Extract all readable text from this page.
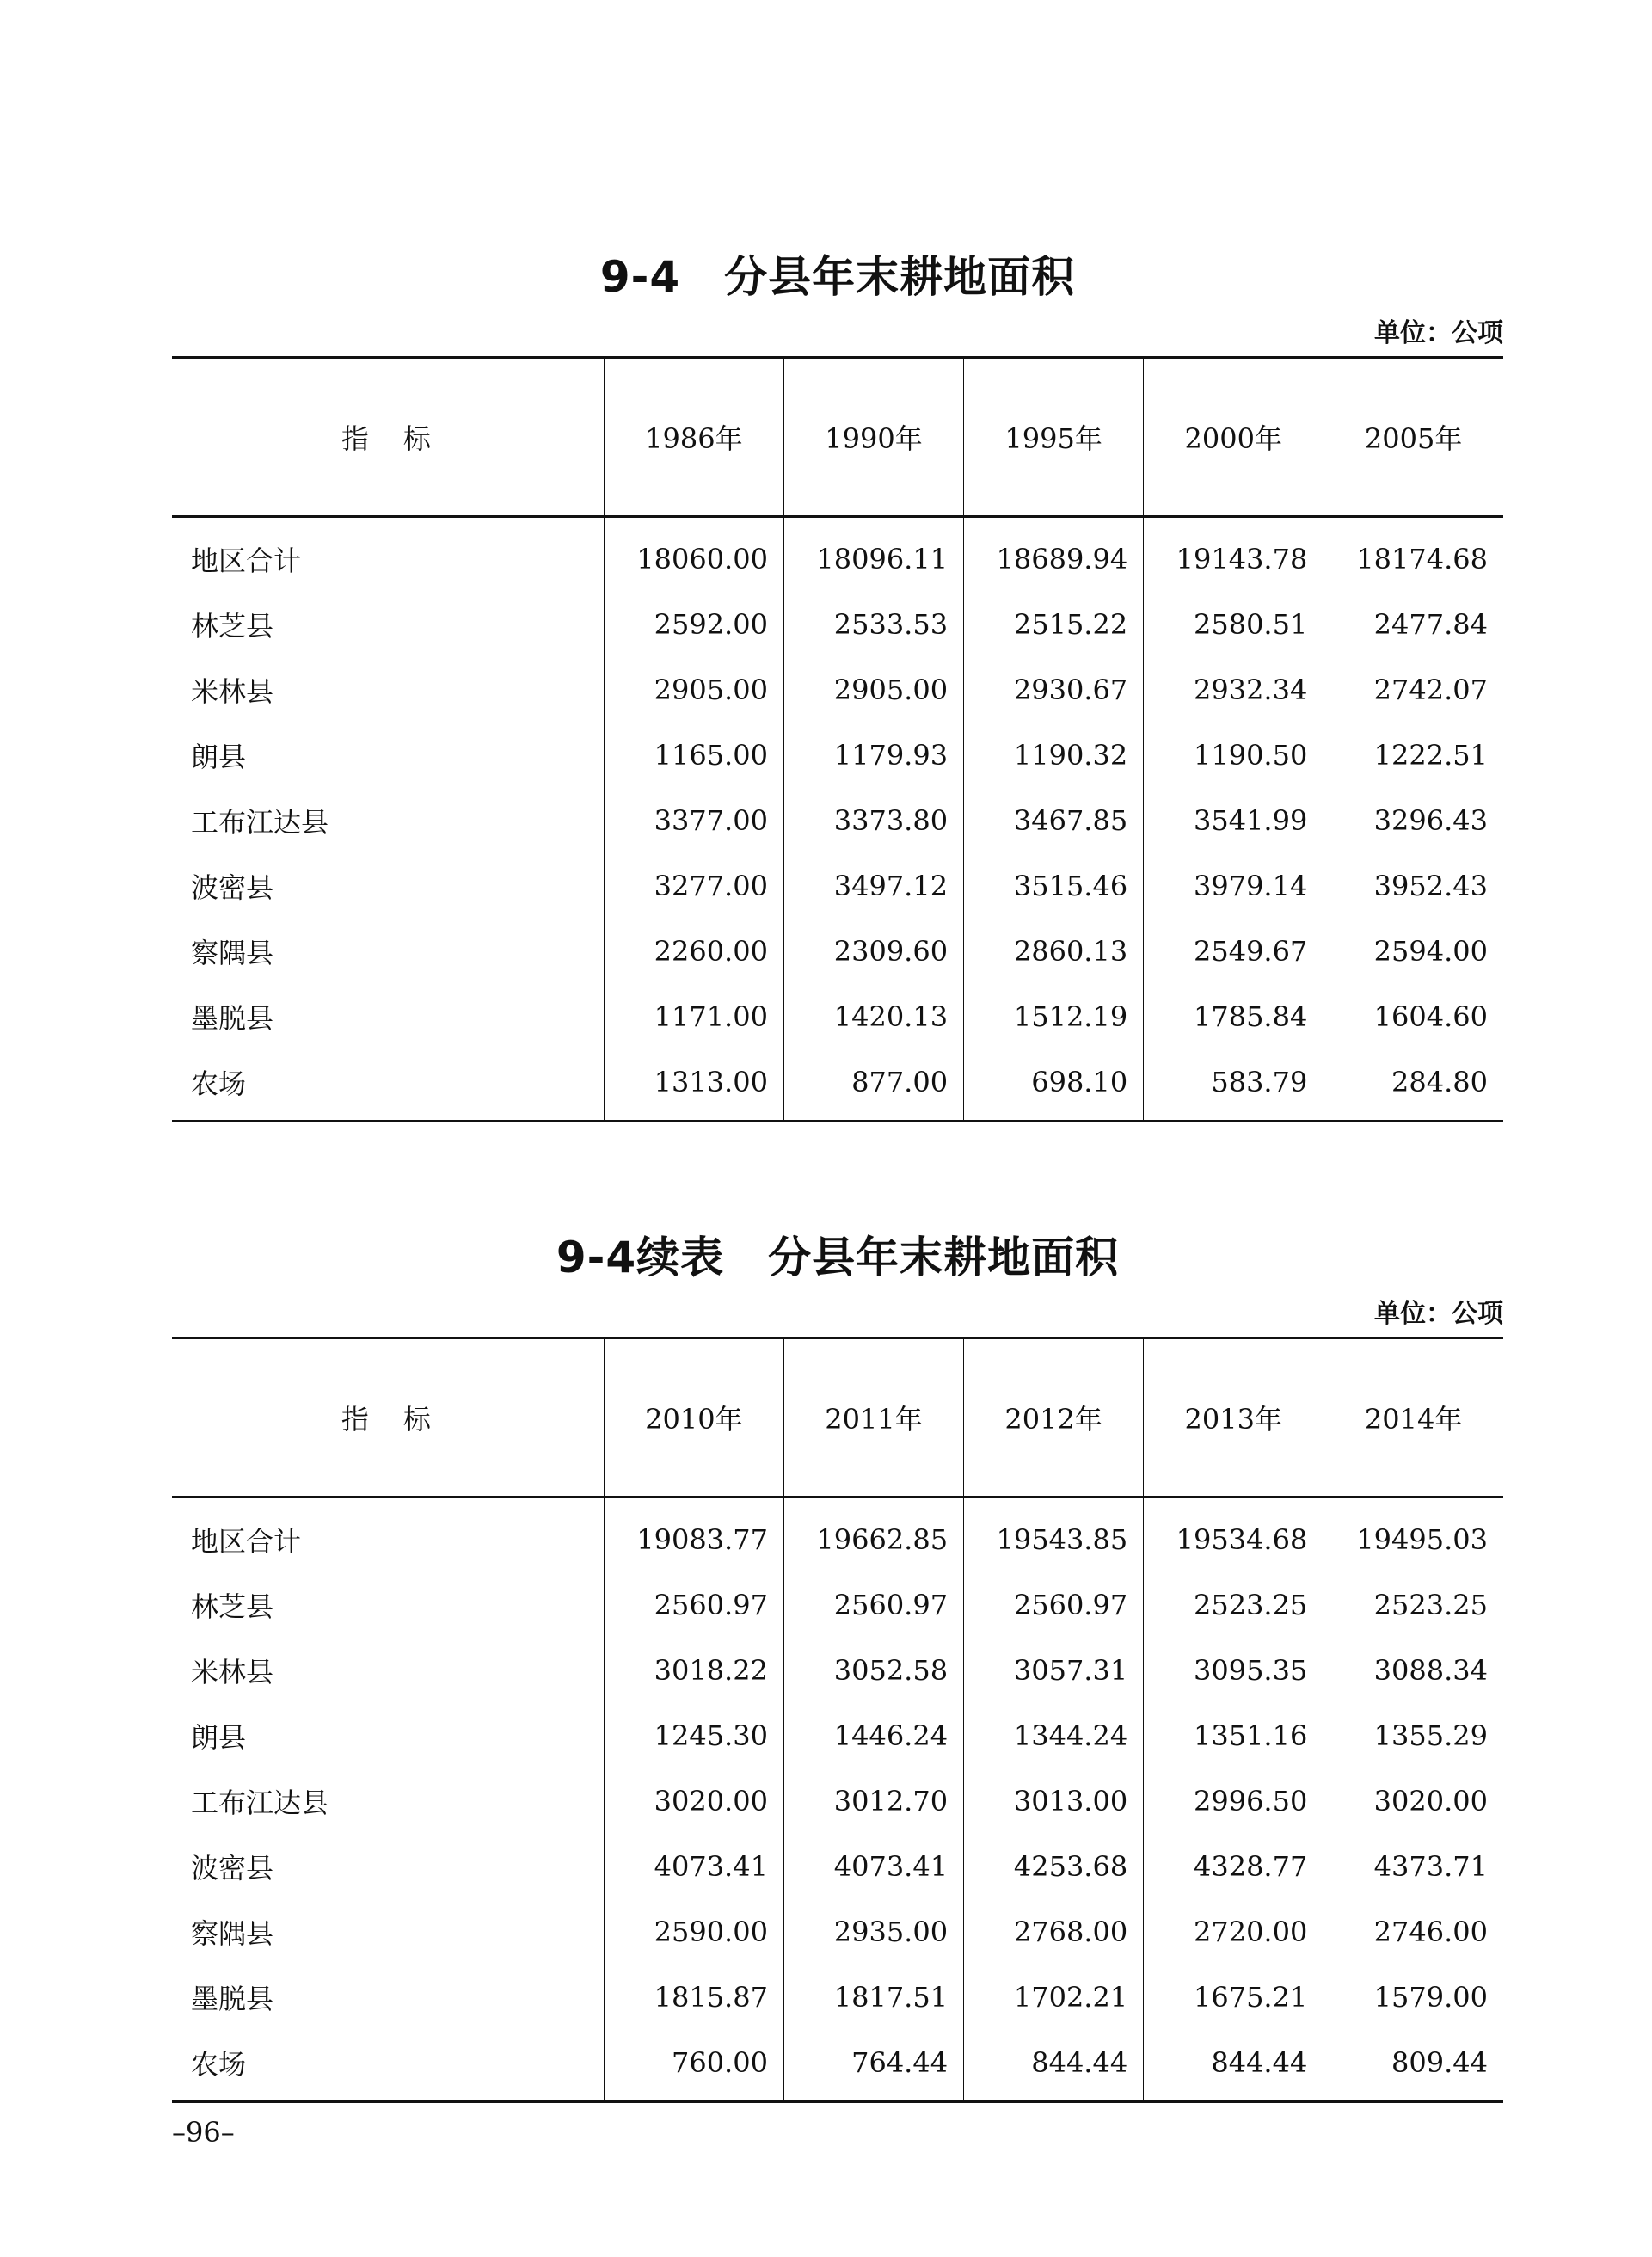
9-4　分县年末耕地面积
单位：公项
指　标	1986年	1990年	1995年	2000年	2005年
地区合计	18060.00	18096.11	18689.94	19143.78	18174.68
林芝县	2592.00	2533.53	2515.22	2580.51	2477.84
米林县	2905.00	2905.00	2930.67	2932.34	2742.07
朗县	1165.00	1179.93	1190.32	1190.50	1222.51
工布江达县	3377.00	3373.80	3467.85	3541.99	3296.43
波密县	3277.00	3497.12	3515.46	3979.14	3952.43
察隅县	2260.00	2309.60	2860.13	2549.67	2594.00
墨脱县	1171.00	1420.13	1512.19	1785.84	1604.60
农场	1313.00	877.00	698.10	583.79	284.80
9-4续表　分县年末耕地面积
单位：公项
指　标	2010年	2011年	2012年	2013年	2014年
地区合计	19083.77	19662.85	19543.85	19534.68	19495.03
林芝县	2560.97	2560.97	2560.97	2523.25	2523.25
米林县	3018.22	3052.58	3057.31	3095.35	3088.34
朗县	1245.30	1446.24	1344.24	1351.16	1355.29
工布江达县	3020.00	3012.70	3013.00	2996.50	3020.00
波密县	4073.41	4073.41	4253.68	4328.77	4373.71
察隅县	2590.00	2935.00	2768.00	2720.00	2746.00
墨脱县	1815.87	1817.51	1702.21	1675.21	1579.00
农场	760.00	764.44	844.44	844.44	809.44
–96–
